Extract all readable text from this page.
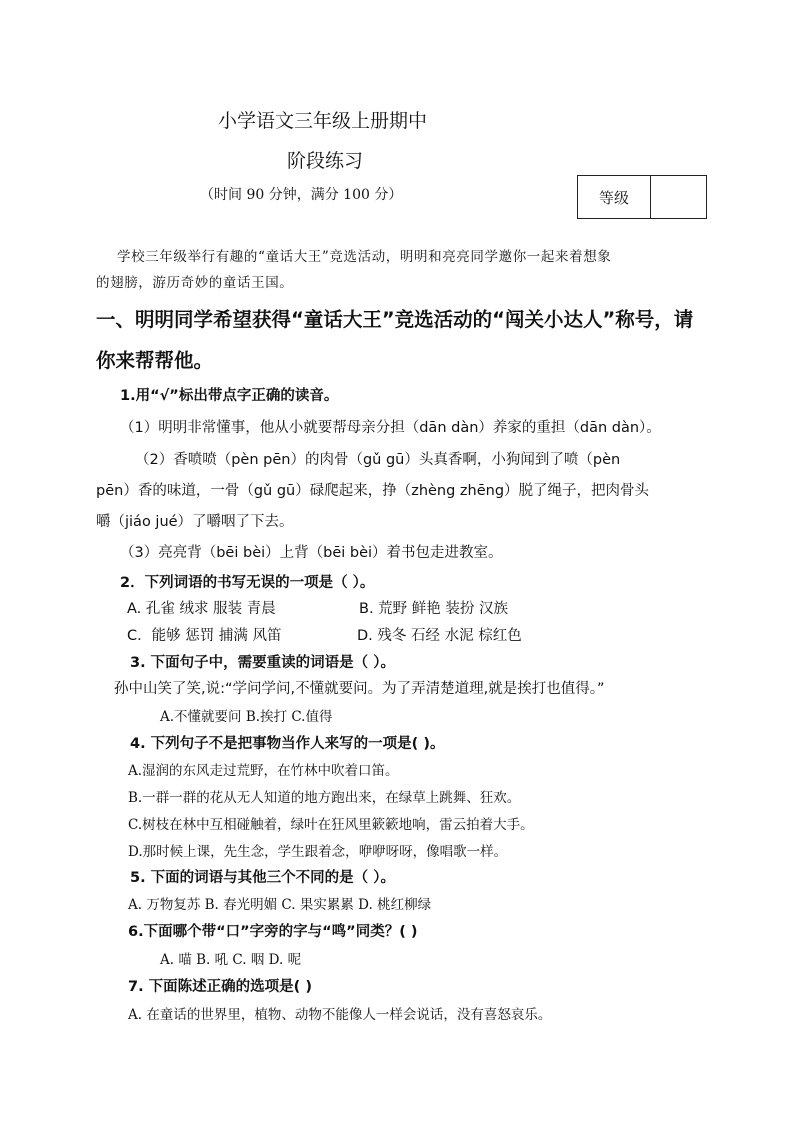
小学语文三年级上册期中
阶段练习
（时间 90 分钟，满分 100 分）	等级
学校三年级举行有趣的“童话大王”竞选活动，明明和亮亮同学邀你一起来着想象
的翅膀，游历奇妙的童话王国。
一、明明同学希望获得“童话大王”竞选活动的“闯关小达人”称号，请
你来帮帮他。
1.用“√”标出带点字正确的读音。
（1）明明非常懂事，他从小就要帮母亲分担（dān dàn）养家的重担（dān dàn）。
（2）香喷喷（pèn pēn）的肉骨（gǔ gū）头真香啊，小狗闻到了喷（pèn
pēn）香的味道，一骨（gǔ gū）碌爬起来，挣（zhèng zhēng）脱了绳子，把肉骨头
嚼（jiáo jué）了嚼咽了下去。
（3）亮亮背（bēi bèi）上背（bēi bèi）着书包走进教室。
2．下列词语的书写无误的一项是（ ）。
A. 孔雀 绒求 服装 青晨	B. 荒野 鲜艳 装扮 汉族
C．能够 惩罚 捕满 风笛	D. 残冬 石经 水泥 棕红色
3. 下面句子中，需要重读的词语是（ ）。
孙中山笑了笑,说:“学问学问,不懂就要问。为了弄清楚道理,就是挨打也值得。”
A.不懂就要问 B.挨打 C.值得
4. 下列句子不是把事物当作人来写的一项是( )。
A.湿润的东风走过荒野，在竹林中吹着口笛。
B.一群一群的花从无人知道的地方跑出来，在绿草上跳舞、狂欢。
C.树枝在林中互相碰触着，绿叶在狂风里簌簌地响，雷云拍着大手。
D.那时候上课，先生念，学生跟着念，咿咿呀呀，像唱歌一样。
5. 下面的词语与其他三个不同的是（ ）。
A. 万物复苏 B. 春光明媚 C. 果实累累 D. 桃红柳绿
6.下面哪个带“口”字旁的字与“鸣”同类？( )
A. 喵 B. 吼 C. 咽 D. 呢
7. 下面陈述正确的选项是( )
A. 在童话的世界里，植物、动物不能像人一样会说话，没有喜怒哀乐。
